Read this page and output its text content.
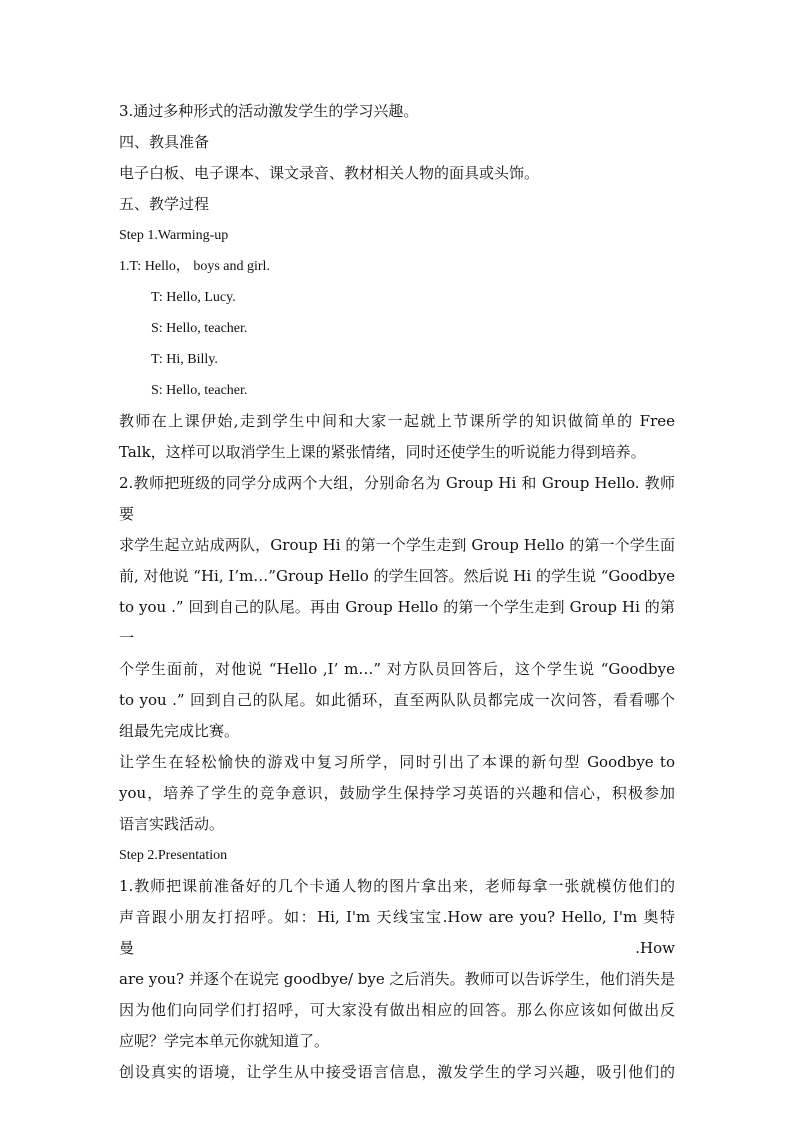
3.通过多种形式的活动激发学生的学习兴趣。

四、教具准备

电子白板、电子课本、课文录音、教材相关人物的面具或头饰。

五、教学过程

Step 1.Warming-up

1.T: Hello， boys and girl.

T: Hello, Lucy.

S: Hello, teacher.

T: Hi, Billy.

S: Hello, teacher.

教师在上课伊始,走到学生中间和大家一起就上节课所学的知识做简单的 Free
Talk，这样可以取消学生上课的紧张情绪，同时还使学生的听说能力得到培养。
2.教师把班级的同学分成两个大组，分别命名为 Group Hi 和 Group Hello. 教师要
求学生起立站成两队，Group Hi 的第一个学生走到 Group Hello 的第一个学生面
前, 对他说 “Hi, I’m…”Group Hello 的学生回答。然后说 Hi 的学生说 “Goodbye
to you .” 回到自己的队尾。再由 Group Hello 的第一个学生走到 Group Hi 的第一
个学生面前，对他说 “Hello ,I’ m…” 对方队员回答后，这个学生说 “Goodbye
to you .” 回到自己的队尾。如此循环，直至两队队员都完成一次问答，看看哪个
组最先完成比赛。
让学生在轻松愉快的游戏中复习所学，同时引出了本课的新句型 Goodbye to
you，培养了学生的竞争意识，鼓励学生保持学习英语的兴趣和信心，积极参加
语言实践活动。

Step 2.Presentation

1.教师把课前准备好的几个卡通人物的图片拿出来，老师每拿一张就模仿他们的
声音跟小朋友打招呼。如：Hi, I'm 天线宝宝.How are you? Hello, I'm 奥特曼.How
are you? 并逐个在说完 goodbye/ bye 之后消失。教师可以告诉学生，他们消失是
因为他们向同学们打招呼，可大家没有做出相应的回答。那么你应该如何做出反
应呢？学完本单元你就知道了。
创设真实的语境，让学生从中接受语言信息，激发学生的学习兴趣，吸引他们的
